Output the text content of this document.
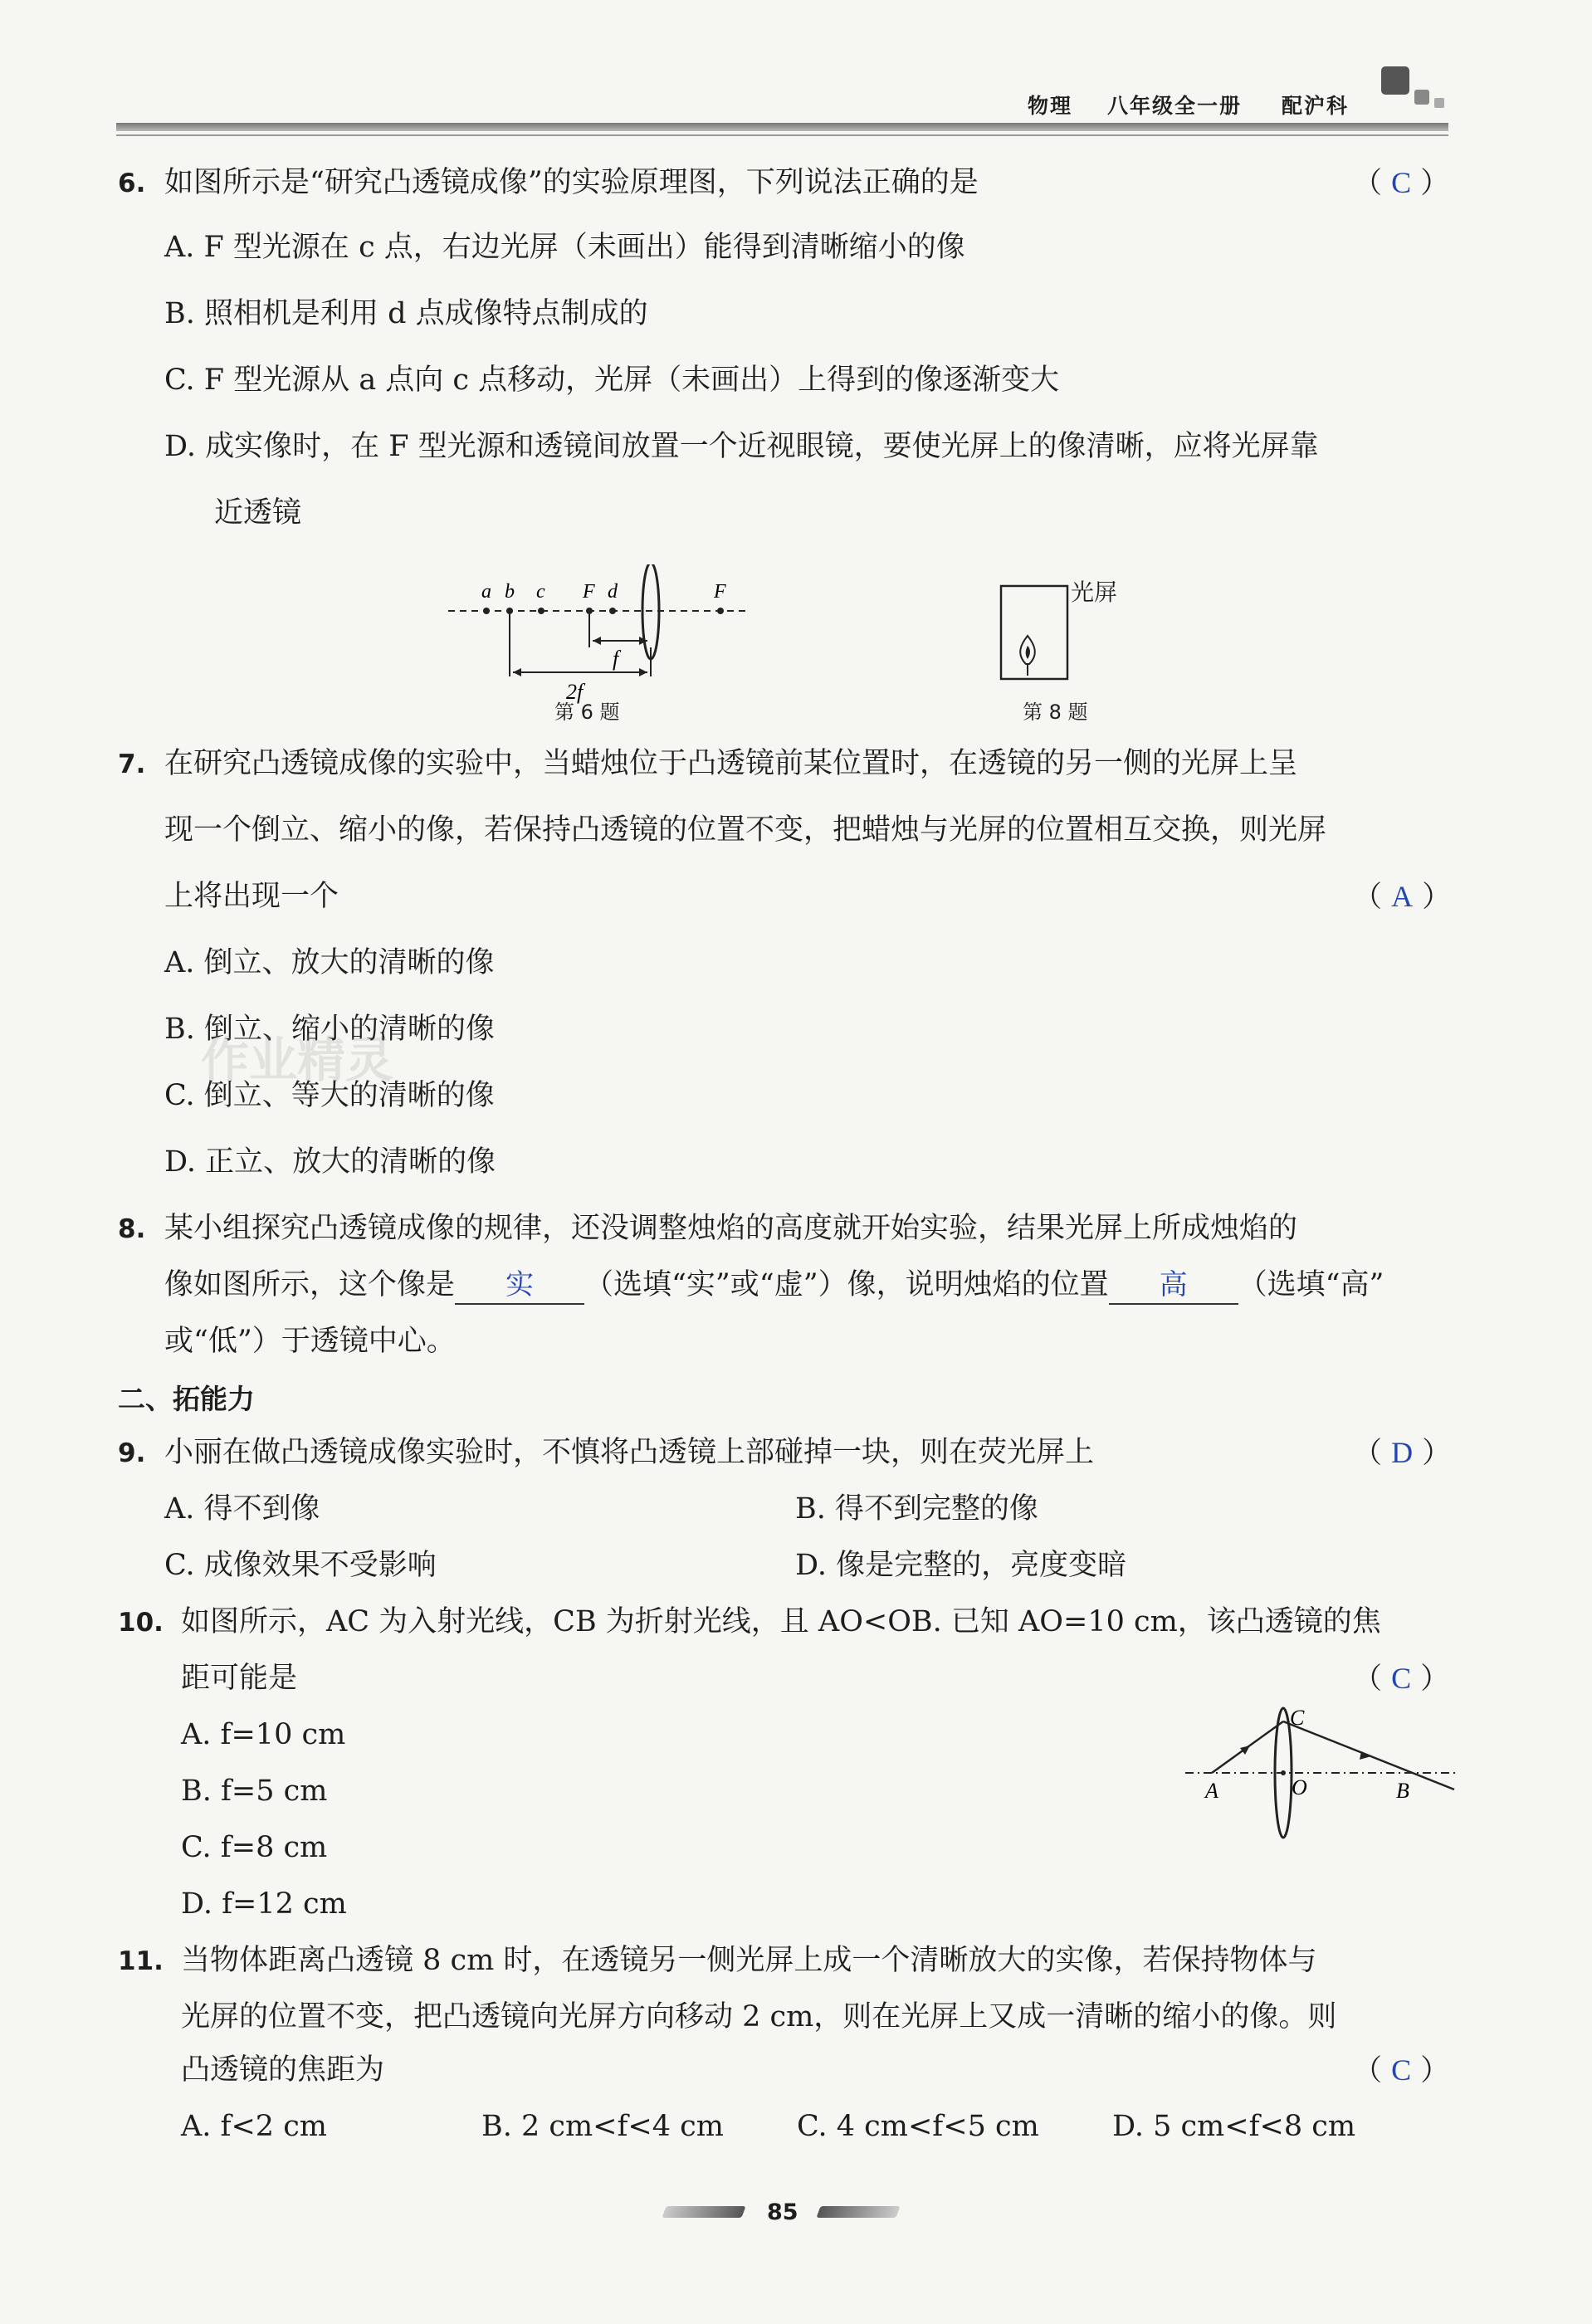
物理 八年级全一册 配沪科
6. 如图所示是“研究凸透镜成像”的实验原理图，下列说法正确的是	（ C ）
A. F 型光源在 c 点，右边光屏（未画出）能得到清晰缩小的像
B. 照相机是利用 d 点成像特点制成的
C. F 型光源从 a 点向 c 点移动，光屏（未画出）上得到的像逐渐变大
D. 成实像时，在 F 型光源和透镜间放置一个近视眼镜，要使光屏上的像清晰，应将光屏靠
近透镜
a b c F d	F
f
2f
第 6 题
光屏
第 8 题
7. 在研究凸透镜成像的实验中，当蜡烛位于凸透镜前某位置时，在透镜的另一侧的光屏上呈
现一个倒立、缩小的像，若保持凸透镜的位置不变，把蜡烛与光屏的位置相互交换，则光屏
上将出现一个	（ A ）
A. 倒立、放大的清晰的像
B. 倒立、缩小的清晰的像
C. 倒立、等大的清晰的像
D. 正立、放大的清晰的像
作业精灵
8. 某小组探究凸透镜成像的规律，还没调整烛焰的高度就开始实验，结果光屏上所成烛焰的
像如图所示，这个像是 实 （选填“实”或“虚”）像，说明烛焰的位置 高 （选填“高”
或“低”）于透镜中心。
二、拓能力
9. 小丽在做凸透镜成像实验时，不慎将凸透镜上部碰掉一块，则在荧光屏上	（ D ）
A. 得不到像	B. 得不到完整的像
C. 成像效果不受影响	D. 像是完整的，亮度变暗
10. 如图所示，AC 为入射光线，CB 为折射光线，且 AO<OB. 已知 AO=10 cm，该凸透镜的焦
距可能是	（ C ）
A. f=10 cm
B. f=5 cm
C. f=8 cm
D. f=12 cm
A	O	B
C
11. 当物体距离凸透镜 8 cm 时，在透镜另一侧光屏上成一个清晰放大的实像，若保持物体与
光屏的位置不变，把凸透镜向光屏方向移动 2 cm，则在光屏上又成一清晰的缩小的像。则
凸透镜的焦距为	（ C ）
A. f<2 cm	B. 2 cm<f<4 cm	C. 4 cm<f<5 cm	D. 5 cm<f<8 cm
85
